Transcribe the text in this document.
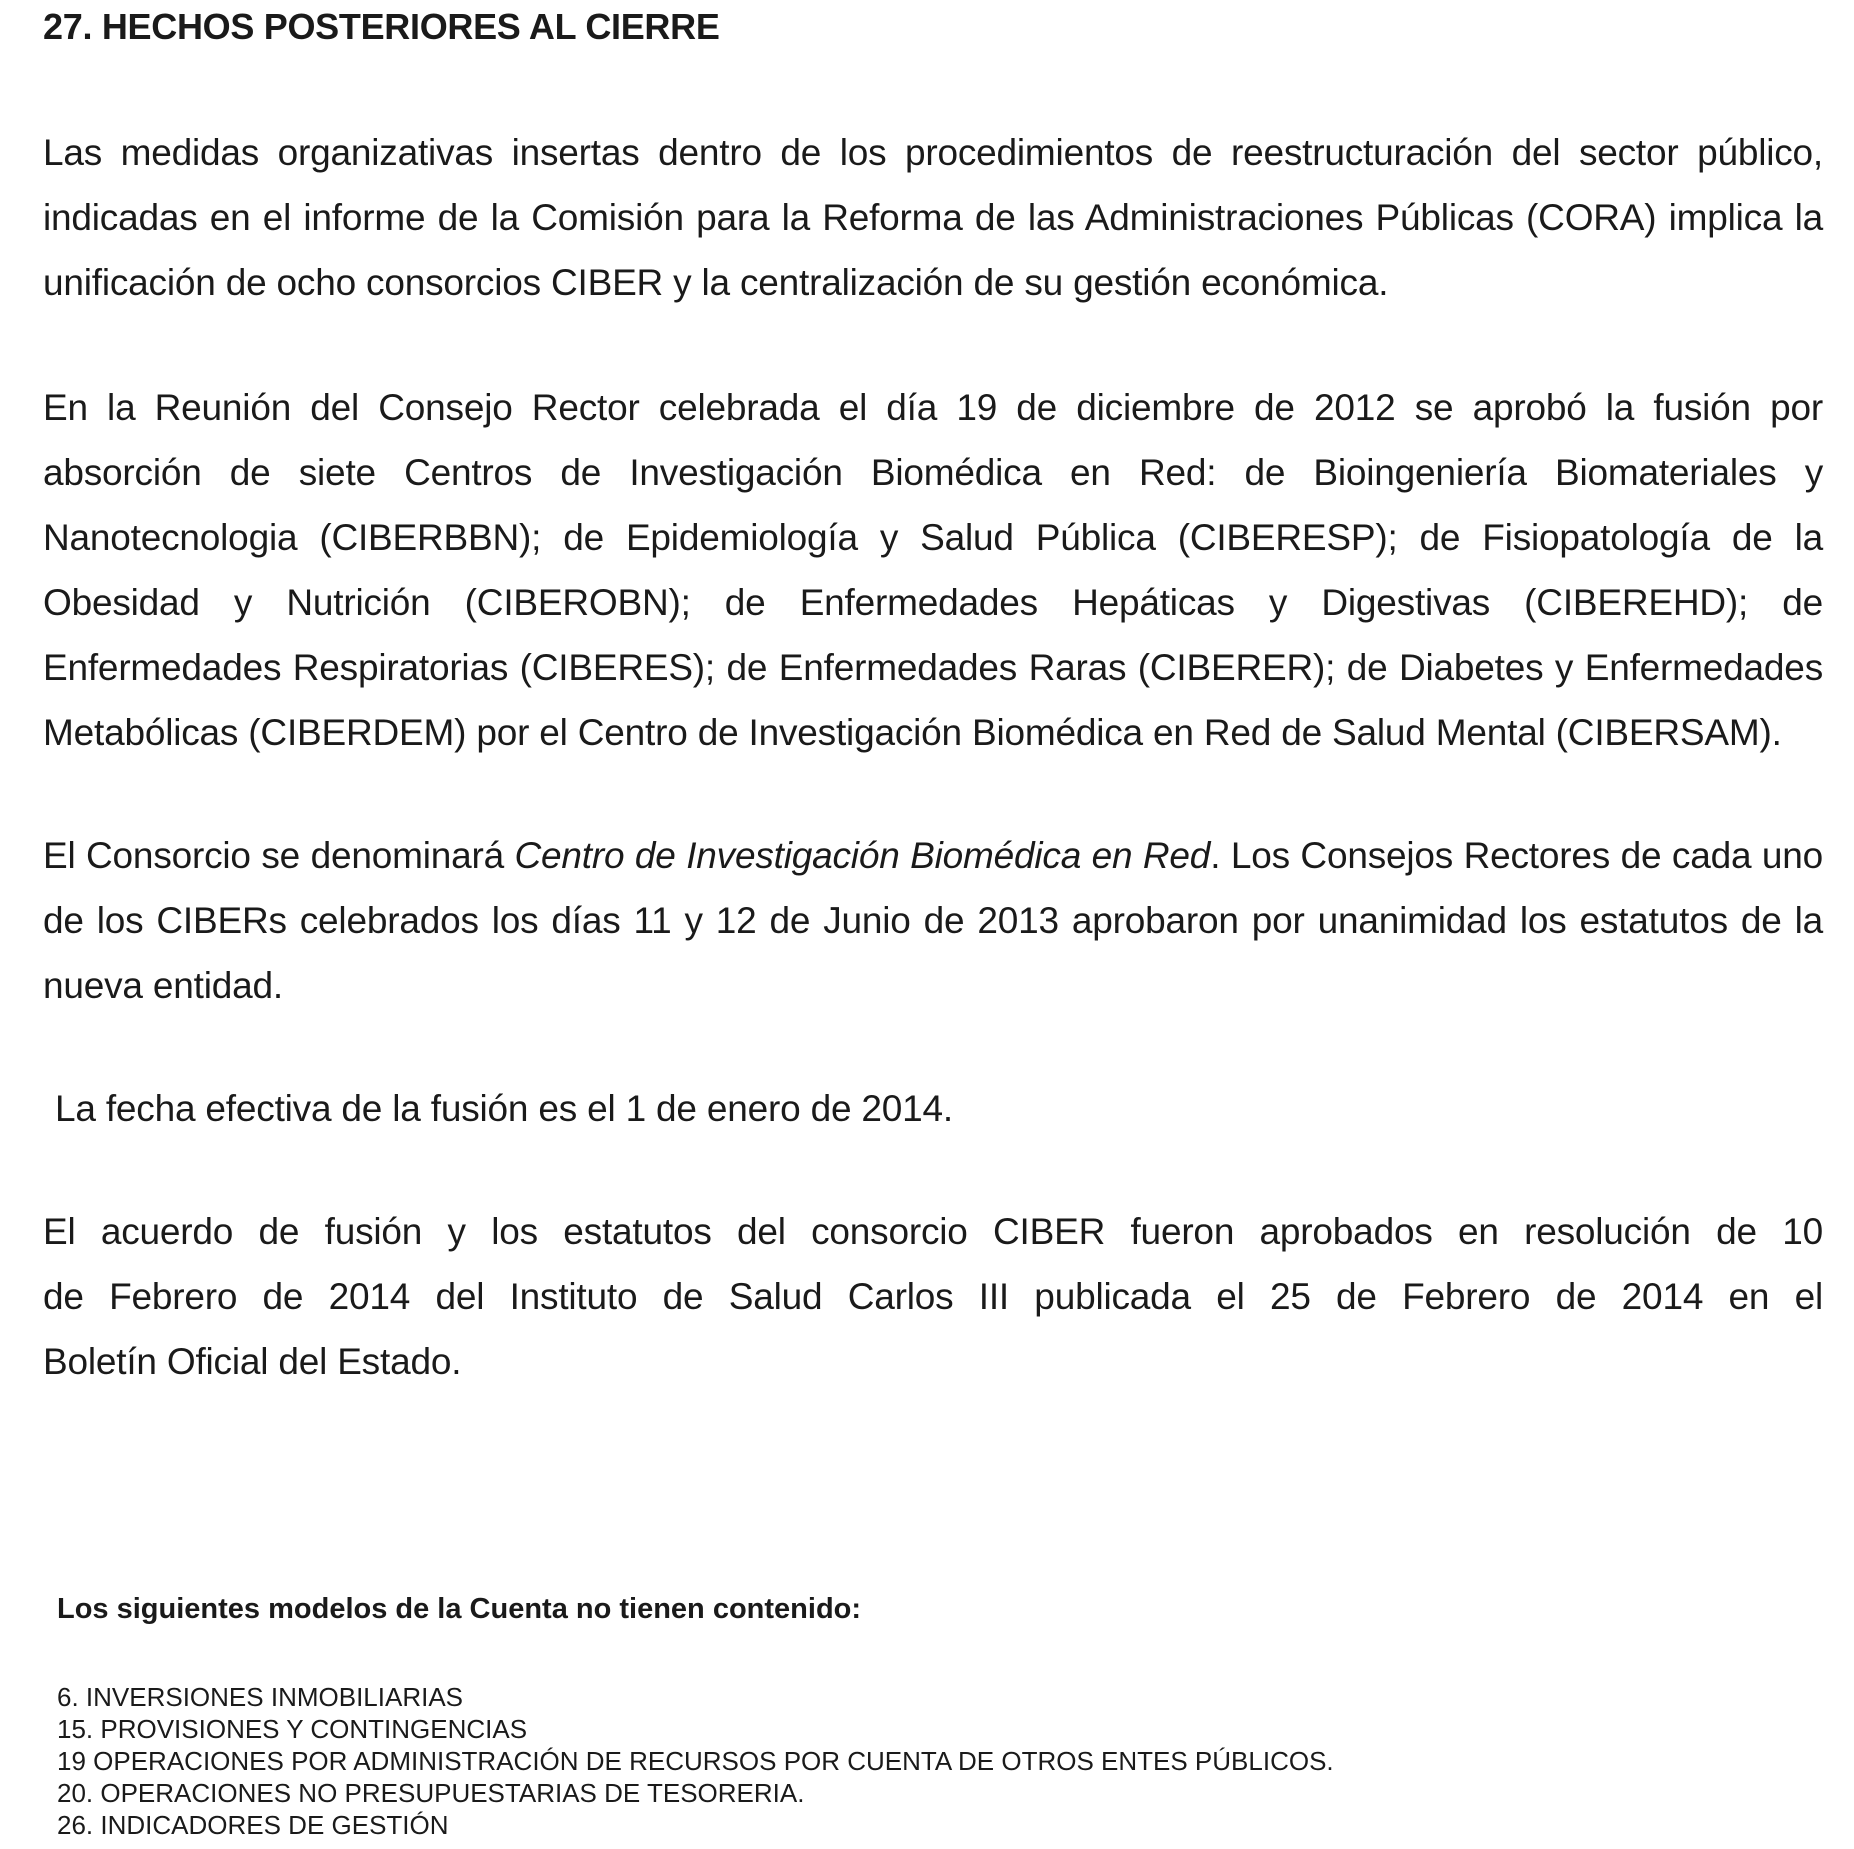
27. HECHOS POSTERIORES AL CIERRE

Las medidas organizativas insertas dentro de los procedimientos de reestructuración del sector público, indicadas en el informe de la Comisión para la Reforma de las Administraciones Públicas (CORA) implica la unificación de ocho consorcios CIBER y la centralización de su gestión económica.

En la Reunión del Consejo Rector celebrada el día 19 de diciembre de 2012 se aprobó la fusión por absorción de siete Centros de Investigación Biomédica en Red: de Bioingeniería Biomateriales y Nanotecnologia (CIBERBBN); de Epidemiología y Salud Pública (CIBERESP); de Fisiopatología de la Obesidad y Nutrición (CIBEROBN); de Enfermedades Hepáticas y Digestivas (CIBEREHD); de Enfermedades Respiratorias (CIBERES); de Enfermedades Raras (CIBERER); de Diabetes y Enfermedades Metabólicas (CIBERDEM) por el Centro de Investigación Biomédica en Red de Salud Mental (CIBERSAM).

El Consorcio se denominará Centro de Investigación Biomédica en Red. Los Consejos Rectores de cada uno de los CIBERs celebrados los días 11 y 12 de Junio de 2013 aprobaron por unanimidad los estatutos de la nueva entidad.

La fecha efectiva de la fusión es el 1 de enero de 2014.

El acuerdo de fusión y los estatutos del consorcio CIBER fueron aprobados en resolución de 10
de Febrero de 2014 del Instituto de Salud Carlos III publicada el 25 de Febrero de 2014 en el
Boletín Oficial del Estado.

Los siguientes modelos de la Cuenta no tienen contenido:

6. INVERSIONES INMOBILIARIAS
15. PROVISIONES Y CONTINGENCIAS
19 OPERACIONES POR ADMINISTRACIÓN DE RECURSOS POR CUENTA DE OTROS ENTES PÚBLICOS.
20. OPERACIONES NO PRESUPUESTARIAS DE TESORERIA.
26. INDICADORES DE GESTIÓN
